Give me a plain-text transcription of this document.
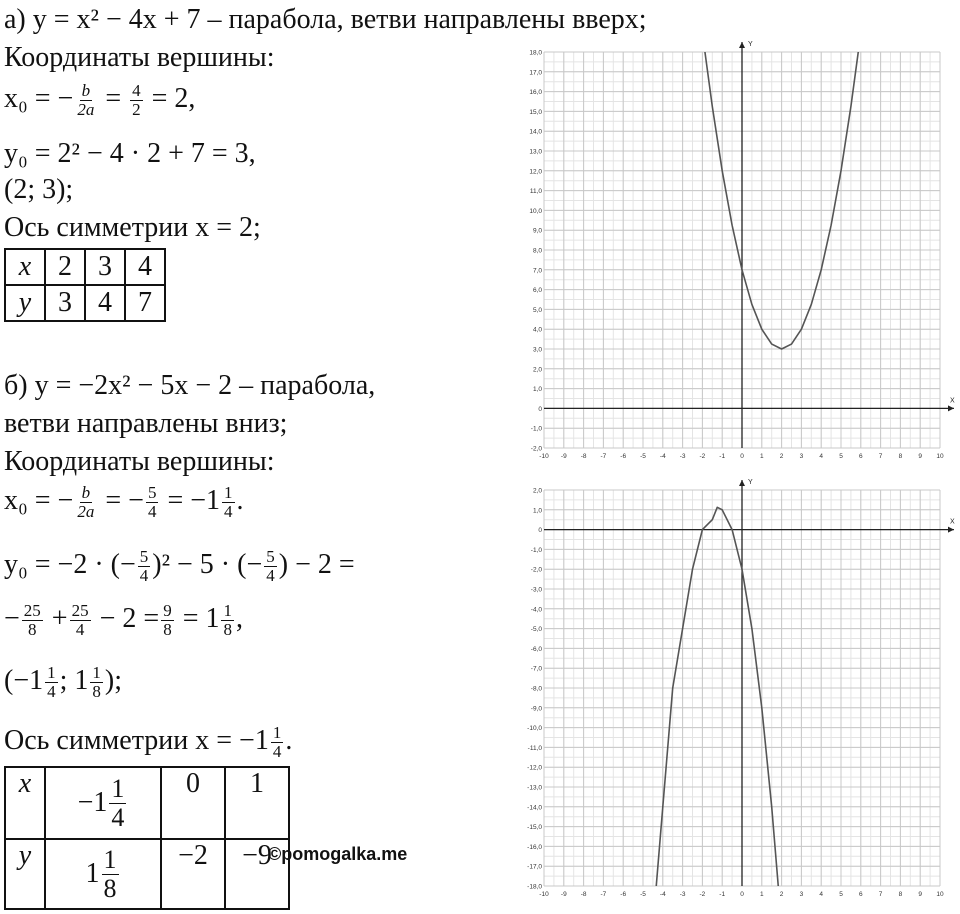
а) y = x² − 4x + 7 – парабола, ветви направлены вверх;
Координаты вершины:
x₀ = − $\frac{b}{2a} = \frac{4}{2} = 2$,
y₀ = 2² − 4 · 2 + 7 = 3,
(2; 3);
Ось симметрии x = 2;
x	2	3	4
y	3	4	7
б) y = −2x² − 5x − 2 – парабола,
ветви направлены вниз;
Координаты вершины:
x₀ = − $\frac{b}{2a}$ = − $\frac{5}{4} = -1 \frac{1}{4}$ .
y₀ = −2 · (− $\frac{5}{4} )^2 - 5$ · (− $\frac{5}{4}$ ) − 2 =
− $\frac{25}{8} + \frac{25}{4} - 2 = \frac{9}{8} = 1 \frac{1}{8}$ ,
($-1 \frac{1}{4}$ ; $1 \frac{1}{8}$ );
Ось симметрии $x = -1 \frac{1}{4}$ .
x	$-1 \frac{1}{4}$	0	1
y	$1 \frac{1}{8}$	−2	−9
©pomogalka.me
X
Y
-10 -9 -8 -7 -6 -5 -4 -3 -2 -1 0 1 2 3 4 5 6 7 8 9 10
-2,0
-1,0
0
1,0
2,0
3,0
4,0
5,0
6,0
7,0
8,0
9,0
10,0
11,0
12,0
13,0
14,0
15,0
16,0
17,0
18,0
X
Y
-10 -9 -8 -7 -6 -5 -4 -3 -2 -1 0 1 2 3 4 5 6 7 8 9 10
-18,0
-17,0
-16,0
-15,0
-14,0
-13,0
-12,0
-11,0
-10,0
-9,0
-8,0
-7,0
-6,0
-5,0
-4,0
-3,0
-2,0
-1,0
0
1,0
2,0
